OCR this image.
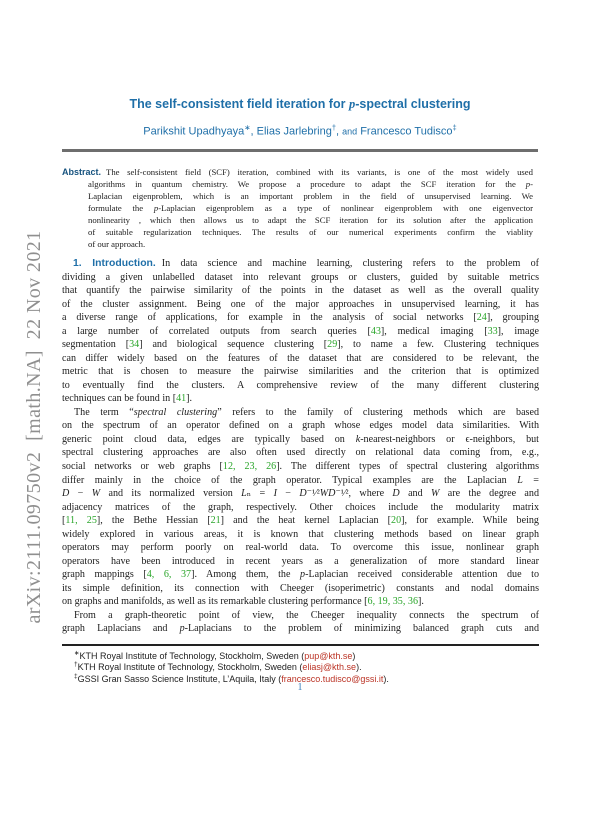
arXiv:2111.09750v2  [math.NA]  22 Nov 2021
The self-consistent field iteration for p-spectral clustering
Parikshit Upadhyaya∗, Elias Jarlebring†, and Francesco Tudisco‡
Abstract. The self-consistent field (SCF) iteration, combined with its variants, is one of the most widely used
algorithms in quantum chemistry. We propose a procedure to adapt the SCF iteration for the p-
Laplacian eigenproblem, which is an important problem in the field of unsupervised learning. We
formulate the p-Laplacian eigenproblem as a type of nonlinear eigenproblem with one eigenvector
nonlinearity , which then allows us to adapt the SCF iteration for its solution after the application
of suitable regularization techniques. The results of our numerical experiments confirm the viablity
of our approach.
1. Introduction. In data science and machine learning, clustering refers to the problem of
dividing a given unlabelled dataset into relevant groups or clusters, guided by suitable metrics
that quantify the pairwise similarity of the points in the dataset as well as the overall quality
of the cluster assignment. Being one of the major approaches in unsupervised learning, it has
a diverse range of applications, for example in the analysis of social networks [24], grouping
a large number of correlated outputs from search queries [43], medical imaging [33], image
segmentation [34] and biological sequence clustering [29], to name a few. Clustering techniques
can differ widely based on the features of the dataset that are considered to be relevant, the
metric that is chosen to measure the pairwise similarities and the criterion that is optimized
to eventually find the clusters. A comprehensive review of the many different clustering
techniques can be found in [41].
The term “spectral clustering” refers to the family of clustering methods which are based
on the spectrum of an operator defined on a graph whose edges model data similarities. With
generic point cloud data, edges are typically based on k-nearest-neighbors or ϵ-neighbors, but
spectral clustering approaches are also often used directly on relational data coming from, e.g.,
social networks or web graphs [12, 23, 26]. The different types of spectral clustering algorithms
differ mainly in the choice of the graph operator. Typical examples are the Laplacian L =
D − W and its normalized version Lₙ = I − D⁻¹⁄²WD⁻¹⁄², where D and W are the degree and
adjacency matrices of the graph, respectively. Other choices include the modularity matrix
[11, 25], the Bethe Hessian [21] and the heat kernel Laplacian [20], for example. While being
widely explored in various areas, it is known that clustering methods based on linear graph
operators may perform poorly on real-world data. To overcome this issue, nonlinear graph
operators have been introduced in recent years as a generalization of more standard linear
graph mappings [4, 6, 37]. Among them, the p-Laplacian received considerable attention due to
its simple definition, its connection with Cheeger (isoperimetric) constants and nodal domains
on graphs and manifolds, as well as its remarkable clustering performance [6, 19, 35, 36].
From a graph-theoretic point of view, the Cheeger inequality connects the spectrum of
graph Laplacians and p-Laplacians to the problem of minimizing balanced graph cuts and
∗KTH Royal Institute of Technology, Stockholm, Sweden (pup@kth.se)
†KTH Royal Institute of Technology, Stockholm, Sweden (eliasj@kth.se).
‡GSSI Gran Sasso Science Institute, L’Aquila, Italy (francesco.tudisco@gssi.it).
1
